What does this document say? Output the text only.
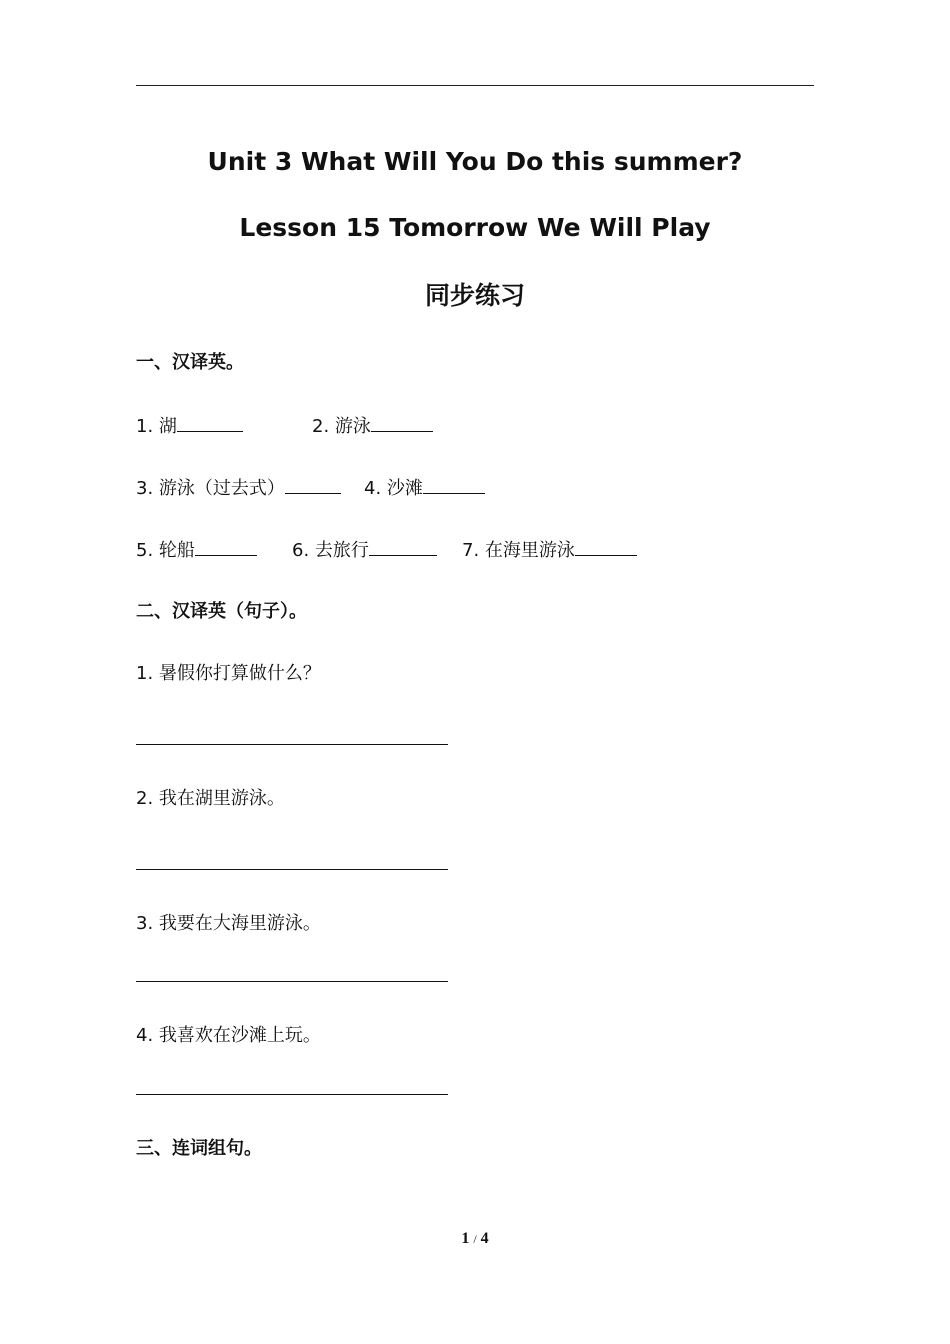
Unit 3 What Will You Do this summer?
Lesson 15 Tomorrow We Will Play
同步练习
一、汉译英。
1. 湖	2. 游泳
3. 游泳（过去式）	4. 沙滩
5. 轮船	6. 去旅行	7. 在海里游泳
二、汉译英（句子）。
1. 暑假你打算做什么？
2. 我在湖里游泳。
3. 我要在大海里游泳。
4. 我喜欢在沙滩上玩。
三、连词组句。
1 / 4
